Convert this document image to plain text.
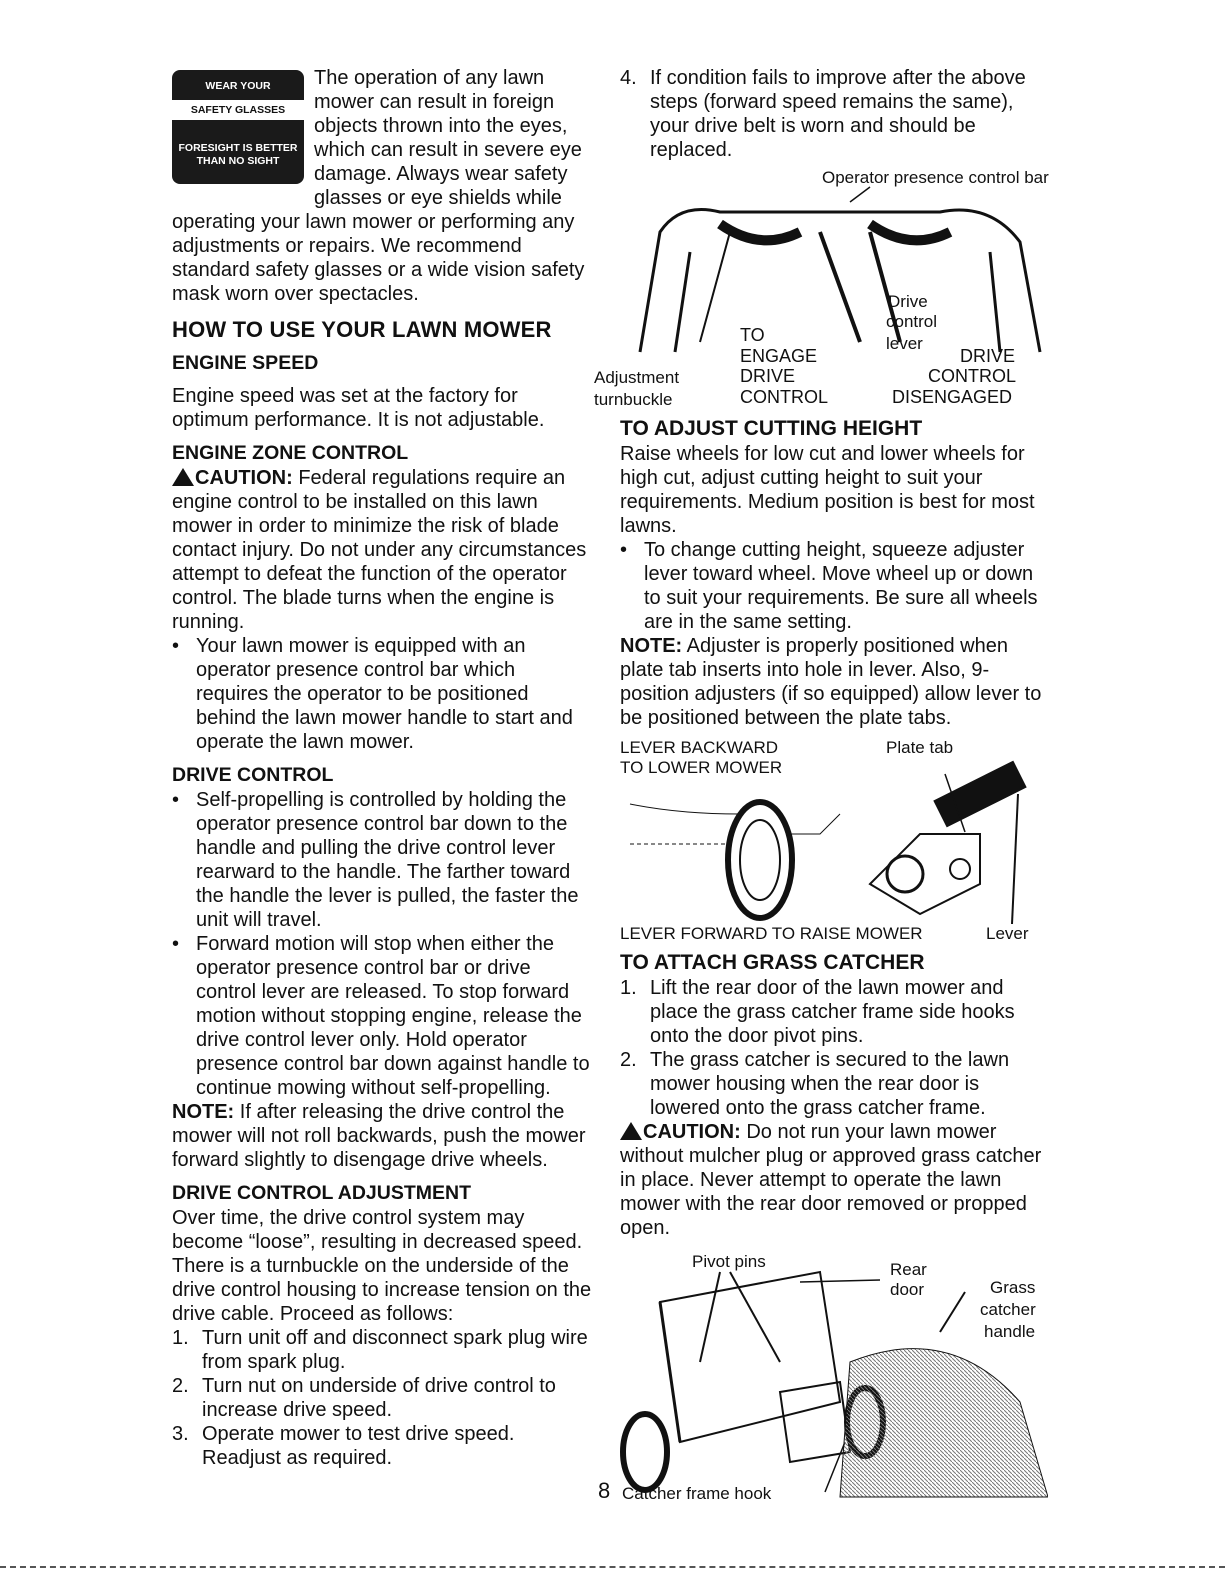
WEAR YOUR
SAFETY GLASSES
FORESIGHT IS BETTER
THAN NO SIGHT

The operation of any lawn mower can result in foreign objects thrown into the eyes, which can result in severe eye damage. Always wear safety glasses or eye shields while operating your lawn mower or performing any adjustments or repairs. We recommend standard safety glasses or a wide vision safety mask worn over spectacles.

HOW TO USE YOUR LAWN MOWER
ENGINE SPEED

Engine speed was set at the factory for optimum performance. It is not adjustable.

ENGINE ZONE CONTROL

CAUTION: Federal regulations require an engine control to be installed on this lawn mower in order to minimize the risk of blade contact injury. Do not under any circumstances attempt to defeat the function of the operator control. The blade turns when the engine is running.

• Your lawn mower is equipped with an operator presence control bar which requires the operator to be positioned behind the lawn mower handle to start and operate the lawn mower.

DRIVE CONTROL

• Self-propelling is controlled by holding the operator presence control bar down to the handle and pulling the drive control lever rearward to the handle. The farther toward the handle the lever is pulled, the faster the unit will travel.

• Forward motion will stop when either the operator presence control bar or drive control lever are released. To stop forward motion without stopping engine, release the drive control lever only. Hold operator presence control bar down against handle to continue mowing without self-propelling.

NOTE: If after releasing the drive control the mower will not roll backwards, push the mower forward slightly to disengage drive wheels.

DRIVE CONTROL ADJUSTMENT

Over time, the drive control system may become “loose”, resulting in decreased speed. There is a turnbuckle on the underside of the drive control housing to increase tension on the drive cable. Proceed as follows:

1. Turn unit off and disconnect spark plug wire from spark plug.

2. Turn nut on underside of drive control to increase drive speed.

3. Operate mower to test drive speed. Readjust as required.

4. If condition fails to improve after the above steps (forward speed remains the same), your drive belt is worn and should be replaced.

Operator presence control bar
Drive
control
lever
TO
ENGAGE
DRIVE
CONTROL
Adjustment
turnbuckle
DRIVE
CONTROL
DISENGAGED
TO ADJUST CUTTING HEIGHT

Raise wheels for low cut and lower wheels for high cut, adjust cutting height to suit your requirements. Medium position is best for most lawns.

• To change cutting height, squeeze adjuster lever toward wheel. Move wheel up or down to suit your requirements. Be sure all wheels are in the same setting.

NOTE: Adjuster is properly positioned when plate tab inserts into hole in lever. Also, 9-position adjusters (if so equipped) allow lever to be positioned between the plate tabs.

LEVER BACKWARD
TO LOWER MOWER
Plate tab
LEVER FORWARD TO RAISE MOWER	Lever
TO ATTACH GRASS CATCHER

1. Lift the rear door of the lawn mower and place the grass catcher frame side hooks onto the door pivot pins.

2. The grass catcher is secured to the lawn mower housing when the rear door is lowered onto the grass catcher frame.

CAUTION: Do not run your lawn mower without mulcher plug or approved grass catcher in place. Never attempt to operate the lawn mower with the rear door removed or propped open.

Pivot pins	Rear
door	Grass
catcher
handle
Catcher frame hook
8
